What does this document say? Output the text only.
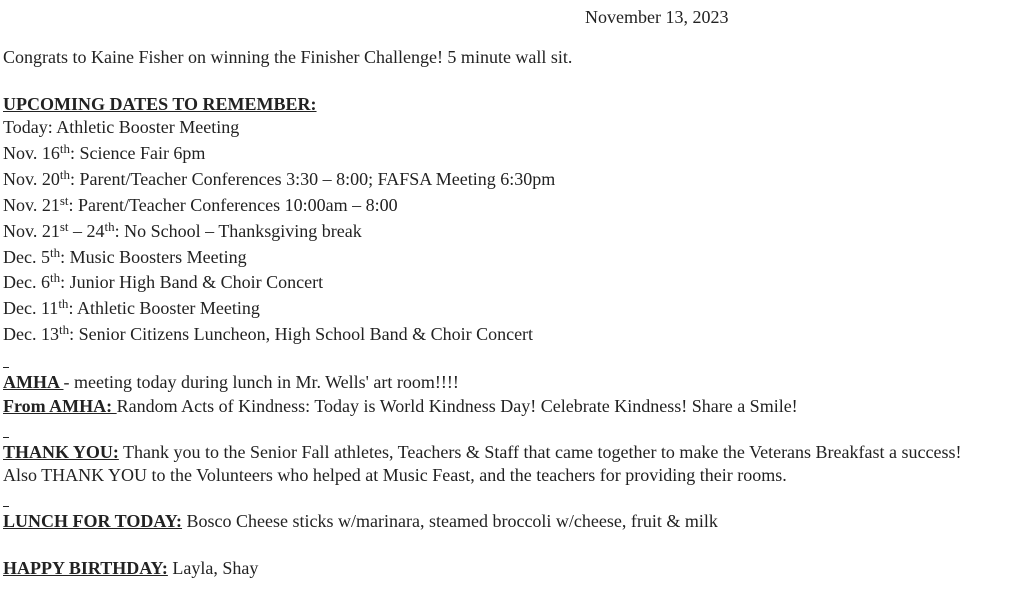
November 13, 2023
Congrats to Kaine Fisher on winning the Finisher Challenge! 5 minute wall sit.
UPCOMING DATES TO REMEMBER:
Today: Athletic Booster Meeting
Nov. 16th: Science Fair 6pm
Nov. 20th: Parent/Teacher Conferences 3:30 – 8:00; FAFSA Meeting 6:30pm
Nov. 21st: Parent/Teacher Conferences 10:00am – 8:00
Nov. 21st – 24th: No School – Thanksgiving break
Dec. 5th: Music Boosters Meeting
Dec. 6th: Junior High Band & Choir Concert
Dec. 11th: Athletic Booster Meeting
Dec. 13th: Senior Citizens Luncheon, High School Band & Choir Concert
AMHA - meeting today during lunch in Mr. Wells' art room!!!!
From AMHA: Random Acts of Kindness: Today is World Kindness Day! Celebrate Kindness! Share a Smile!
THANK YOU: Thank you to the Senior Fall athletes, Teachers & Staff that came together to make the Veterans Breakfast a success!
Also THANK YOU to the Volunteers who helped at Music Feast, and the teachers for providing their rooms.
LUNCH FOR TODAY: Bosco Cheese sticks w/marinara, steamed broccoli w/cheese, fruit & milk
HAPPY BIRTHDAY: Layla, Shay
